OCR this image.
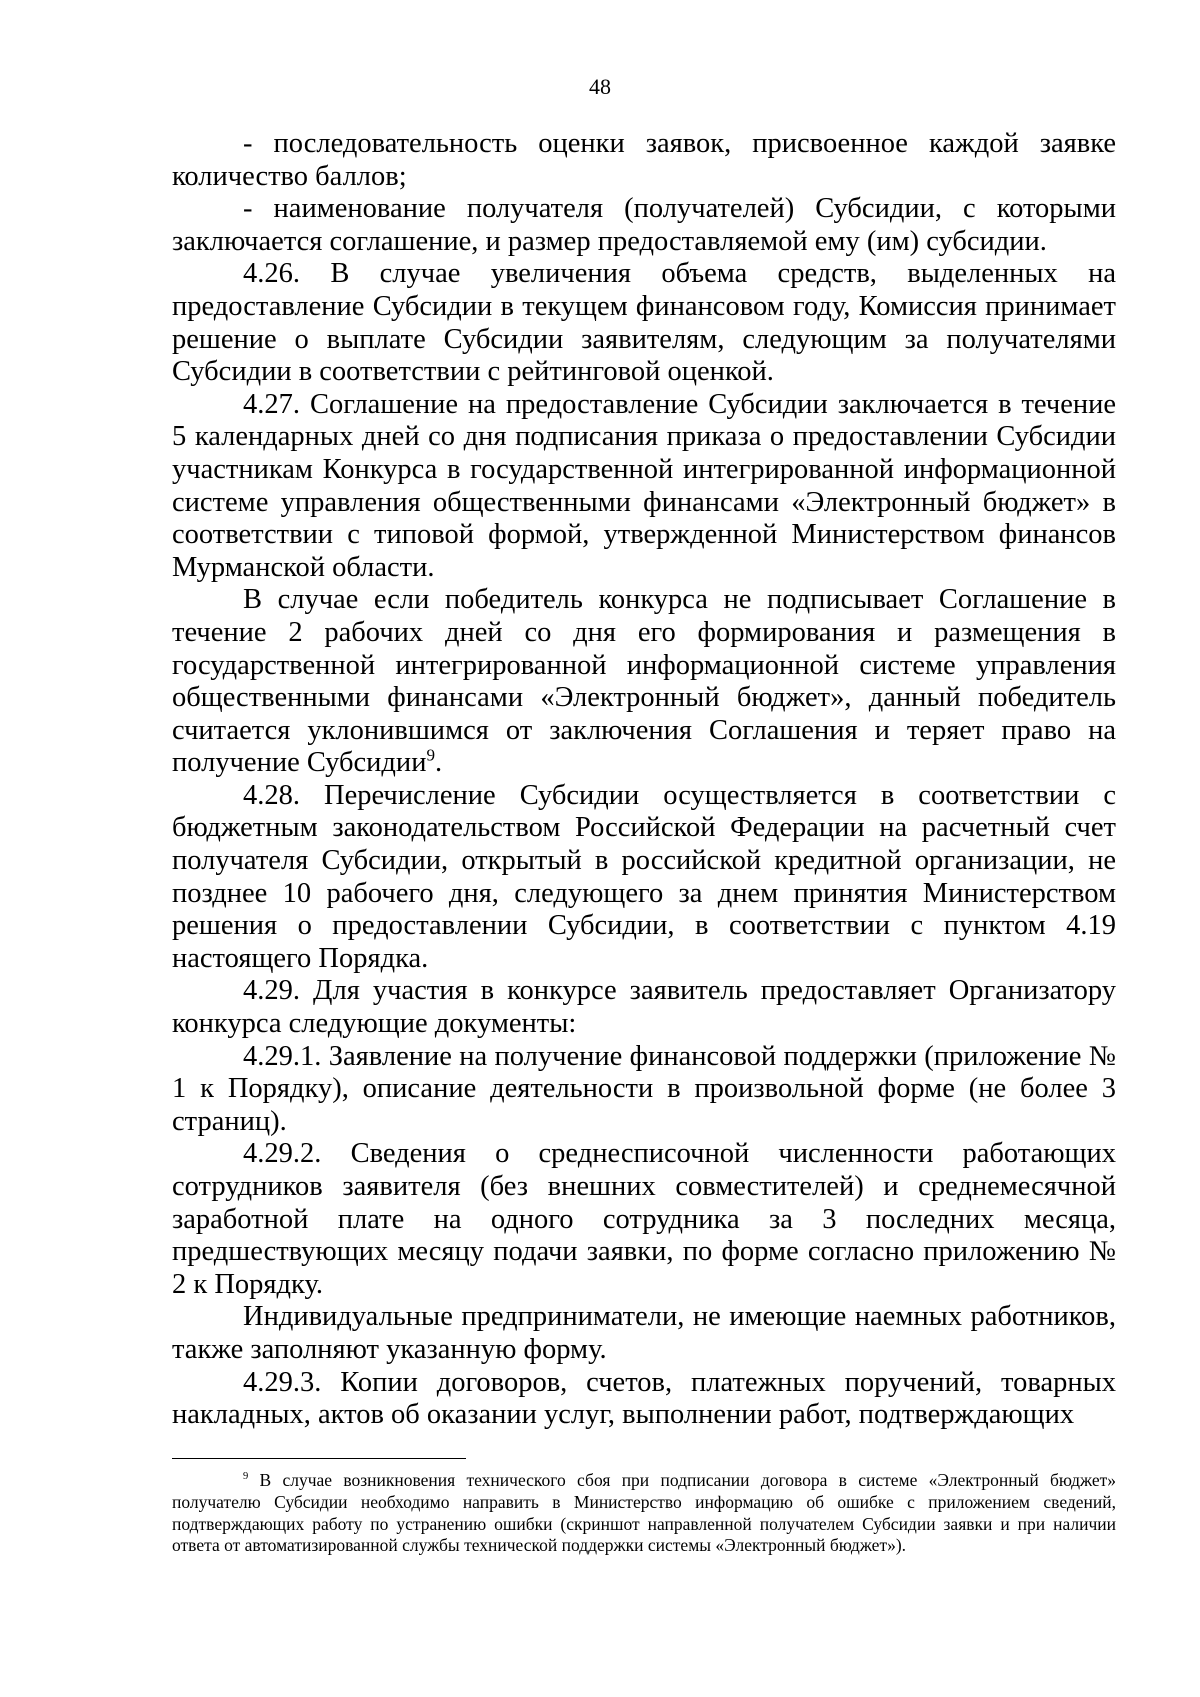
48

- последовательность оценки заявок, присвоенное каждой заявке количество баллов;

- наименование получателя (получателей) Субсидии, с которыми заключается соглашение, и размер предоставляемой ему (им) субсидии.

4.26. В случае увеличения объема средств, выделенных на предоставление Субсидии в текущем финансовом году, Комиссия принимает решение о выплате Субсидии заявителям, следующим за получателями Субсидии в соответствии с рейтинговой оценкой.

4.27. Соглашение на предоставление Субсидии заключается в течение 5 календарных дней со дня подписания приказа о предоставлении Субсидии участникам Конкурса в государственной интегрированной информационной системе управления общественными финансами «Электронный бюджет» в соответствии с типовой формой, утвержденной Министерством финансов Мурманской области.

В случае если победитель конкурса не подписывает Соглашение в течение 2 рабочих дней со дня его формирования и размещения в государственной интегрированной информационной системе управления общественными финансами «Электронный бюджет», данный победитель считается уклонившимся от заключения Соглашения и теряет право на получение Субсидии$^9$.

4.28. Перечисление Субсидии осуществляется в соответствии с бюджетным законодательством Российской Федерации на расчетный счет получателя Субсидии, открытый в российской кредитной организации, не позднее 10 рабочего дня, следующего за днем принятия Министерством решения о предоставлении Субсидии, в соответствии с пунктом 4.19 настоящего Порядка.

4.29. Для участия в конкурсе заявитель предоставляет Организатору конкурса следующие документы:

4.29.1. Заявление на получение финансовой поддержки (приложение № 1 к Порядку), описание деятельности в произвольной форме (не более 3 страниц).

4.29.2. Сведения о среднесписочной численности работающих сотрудников заявителя (без внешних совместителей) и среднемесячной заработной плате на одного сотрудника за 3 последних месяца, предшествующих месяцу подачи заявки, по форме согласно приложению № 2 к Порядку.

Индивидуальные предприниматели, не имеющие наемных работников, также заполняют указанную форму.

4.29.3. Копии договоров, счетов, платежных поручений, товарных накладных, актов об оказании услуг, выполнении работ, подтверждающих

$^9$ В случае возникновения технического сбоя при подписании договора в системе «Электронный бюджет» получателю Субсидии необходимо направить в Министерство информацию об ошибке с приложением сведений, подтверждающих работу по устранению ошибки (скриншот направленной получателем Субсидии заявки и при наличии ответа от автоматизированной службы технической поддержки системы «Электронный бюджет»).
